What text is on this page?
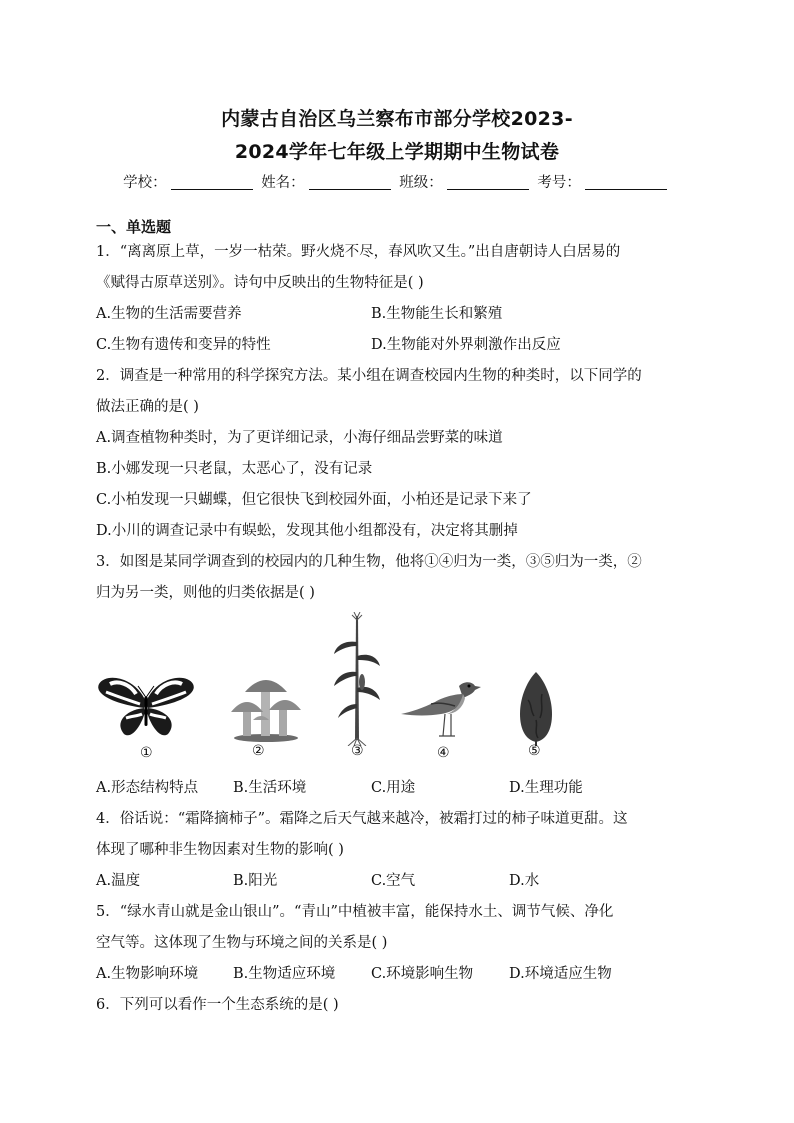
内蒙古自治区乌兰察布市部分学校2023-
2024学年七年级上学期期中生物试卷
学校：	姓名：	班级：	考号：
一、单选题
1．“离离原上草，一岁一枯荣。野火烧不尽，春风吹又生。”出自唐朝诗人白居易的
《赋得古原草送别》。诗句中反映出的生物特征是( )
A.生物的生活需要营养	B.生物能生长和繁殖
C.生物有遗传和变异的特性	D.生物能对外界刺激作出反应
2．调查是一种常用的科学探究方法。某小组在调查校园内生物的种类时，以下同学的
做法正确的是( )
A.调查植物种类时，为了更详细记录，小海仔细品尝野菜的味道
B.小娜发现一只老鼠，太恶心了，没有记录
C.小柏发现一只蝴蝶，但它很快飞到校园外面，小柏还是记录下来了
D.小川的调查记录中有蜈蚣，发现其他小组都没有，决定将其删掉
3．如图是某同学调查到的校园内的几种生物，他将①④归为一类，③⑤归为一类，②
归为另一类，则他的归类依据是( )
①	②	③	④	⑤
A.形态结构特点 B.生活环境	C.用途	D.生理功能
4．俗话说：“霜降摘柿子”。霜降之后天气越来越冷，被霜打过的柿子味道更甜。这
体现了哪种非生物因素对生物的影响( )
A.温度	B.阳光	C.空气	D.水
5．“绿水青山就是金山银山”。“青山”中植被丰富，能保持水土、调节气候、净化
空气等。这体现了生物与环境之间的关系是( )
A.生物影响环境 B.生物适应环境 C.环境影响生物 D.环境适应生物
6．下列可以看作一个生态系统的是( )
